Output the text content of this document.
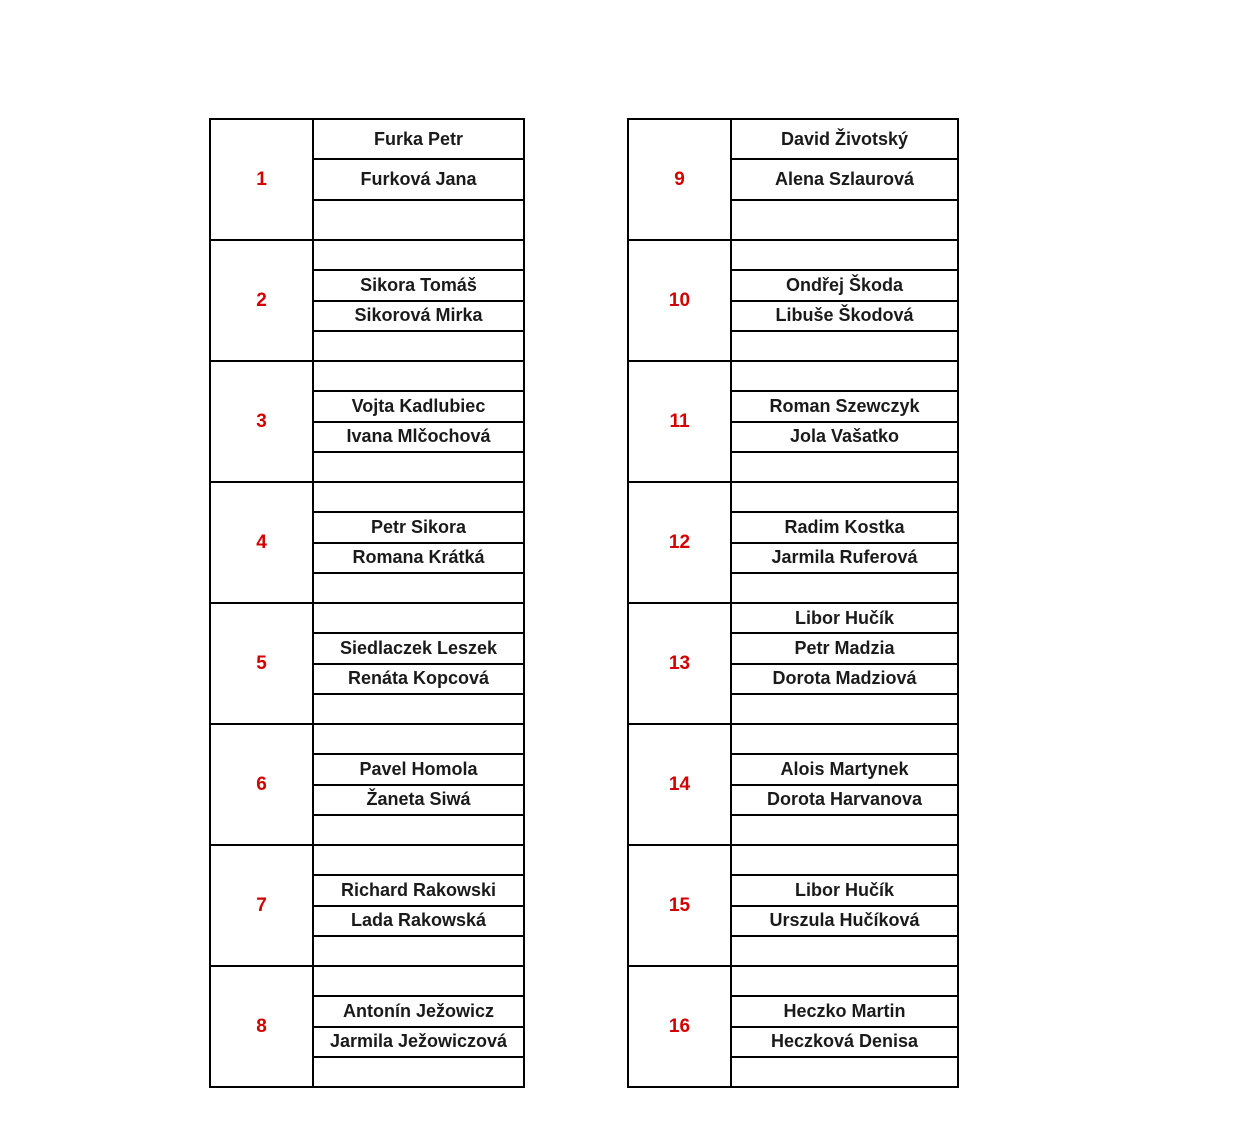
1
Furka Petr
Furková Jana
2
Sikora Tomáš
Sikorová Mirka
3
Vojta Kadlubiec
Ivana Mlčochová
4
Petr Sikora
Romana Krátká
5
Siedlaczek Leszek
Renáta Kopcová
6
Pavel Homola
Žaneta Siwá
7
Richard Rakowski
Lada Rakowská
8
Antonín Ježowicz
Jarmila Ježowiczová
9
David Životský
Alena Szlaurová
10
Ondřej Škoda
Libuše Škodová
11
Roman Szewczyk
Jola Vašatko
12
Radim Kostka
Jarmila Ruferová
13
Libor Hučík
Petr Madzia
Dorota Madziová
14
Alois Martynek
Dorota Harvanova
15
Libor Hučík
Urszula Hučíková
16
Heczko Martin
Heczková Denisa
